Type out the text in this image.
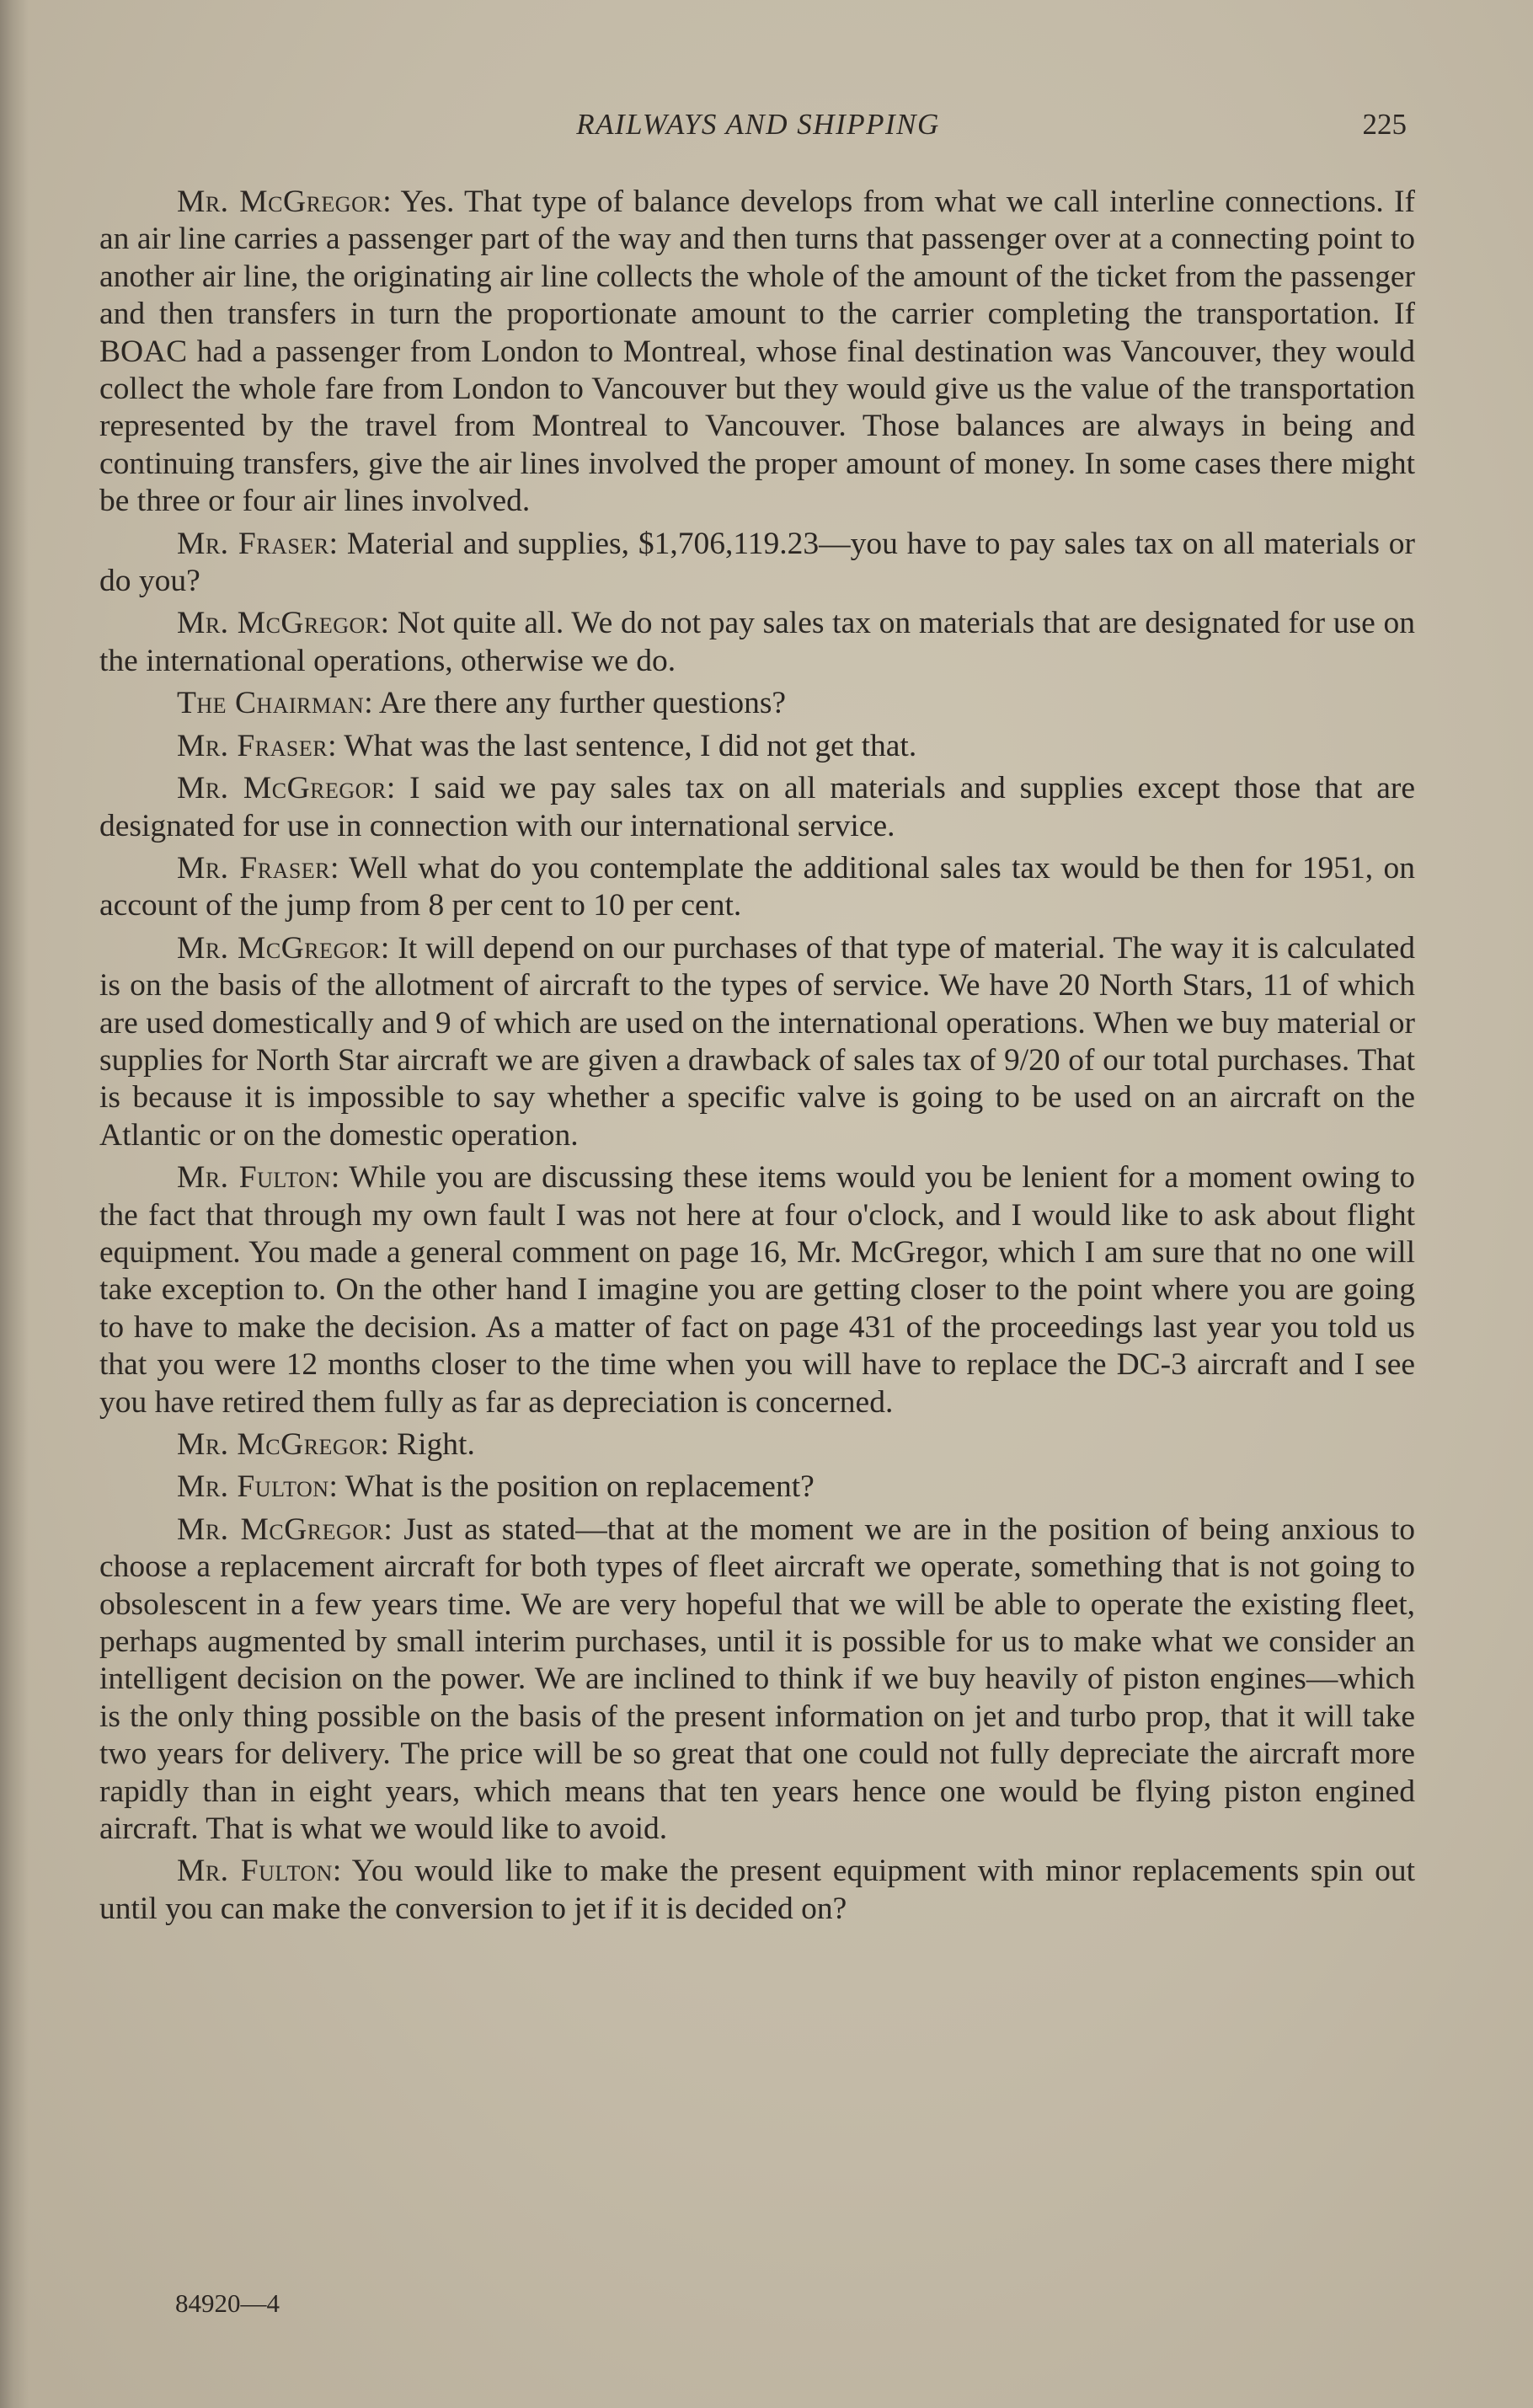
RAILWAYS AND SHIPPING	225

Mr. McGregor: Yes. That type of balance develops from what we call interline connections. If an air line carries a passenger part of the way and then turns that passenger over at a connecting point to another air line, the originating air line collects the whole of the amount of the ticket from the passenger and then transfers in turn the proportionate amount to the carrier completing the transportation. If BOAC had a passenger from London to Montreal, whose final destination was Vancouver, they would collect the whole fare from London to Vancouver but they would give us the value of the transportation represented by the travel from Montreal to Vancouver. Those balances are always in being and continuing transfers, give the air lines involved the proper amount of money. In some cases there might be three or four air lines involved.

Mr. Fraser: Material and supplies, $1,706,119.23—you have to pay sales tax on all materials or do you?

Mr. McGregor: Not quite all. We do not pay sales tax on materials that are designated for use on the international operations, otherwise we do.

The Chairman: Are there any further questions?

Mr. Fraser: What was the last sentence, I did not get that.

Mr. McGregor: I said we pay sales tax on all materials and supplies except those that are designated for use in connection with our international service.

Mr. Fraser: Well what do you contemplate the additional sales tax would be then for 1951, on account of the jump from 8 per cent to 10 per cent.

Mr. McGregor: It will depend on our purchases of that type of material. The way it is calculated is on the basis of the allotment of aircraft to the types of service. We have 20 North Stars, 11 of which are used domestically and 9 of which are used on the international operations. When we buy material or supplies for North Star aircraft we are given a drawback of sales tax of 9/20 of our total purchases. That is because it is impossible to say whether a specific valve is going to be used on an aircraft on the Atlantic or on the domestic operation.

Mr. Fulton: While you are discussing these items would you be lenient for a moment owing to the fact that through my own fault I was not here at four o'clock, and I would like to ask about flight equipment. You made a general comment on page 16, Mr. McGregor, which I am sure that no one will take exception to. On the other hand I imagine you are getting closer to the point where you are going to have to make the decision. As a matter of fact on page 431 of the proceedings last year you told us that you were 12 months closer to the time when you will have to replace the DC-3 aircraft and I see you have retired them fully as far as depreciation is concerned.

Mr. McGregor: Right.

Mr. Fulton: What is the position on replacement?

Mr. McGregor: Just as stated—that at the moment we are in the position of being anxious to choose a replacement aircraft for both types of fleet aircraft we operate, something that is not going to obsolescent in a few years time. We are very hopeful that we will be able to operate the existing fleet, perhaps augmented by small interim purchases, until it is possible for us to make what we consider an intelligent decision on the power. We are inclined to think if we buy heavily of piston engines—which is the only thing possible on the basis of the present information on jet and turbo prop, that it will take two years for delivery. The price will be so great that one could not fully depreciate the aircraft more rapidly than in eight years, which means that ten years hence one would be flying piston engined aircraft. That is what we would like to avoid.

Mr. Fulton: You would like to make the present equipment with minor replacements spin out until you can make the conversion to jet if it is decided on?

84920—4
